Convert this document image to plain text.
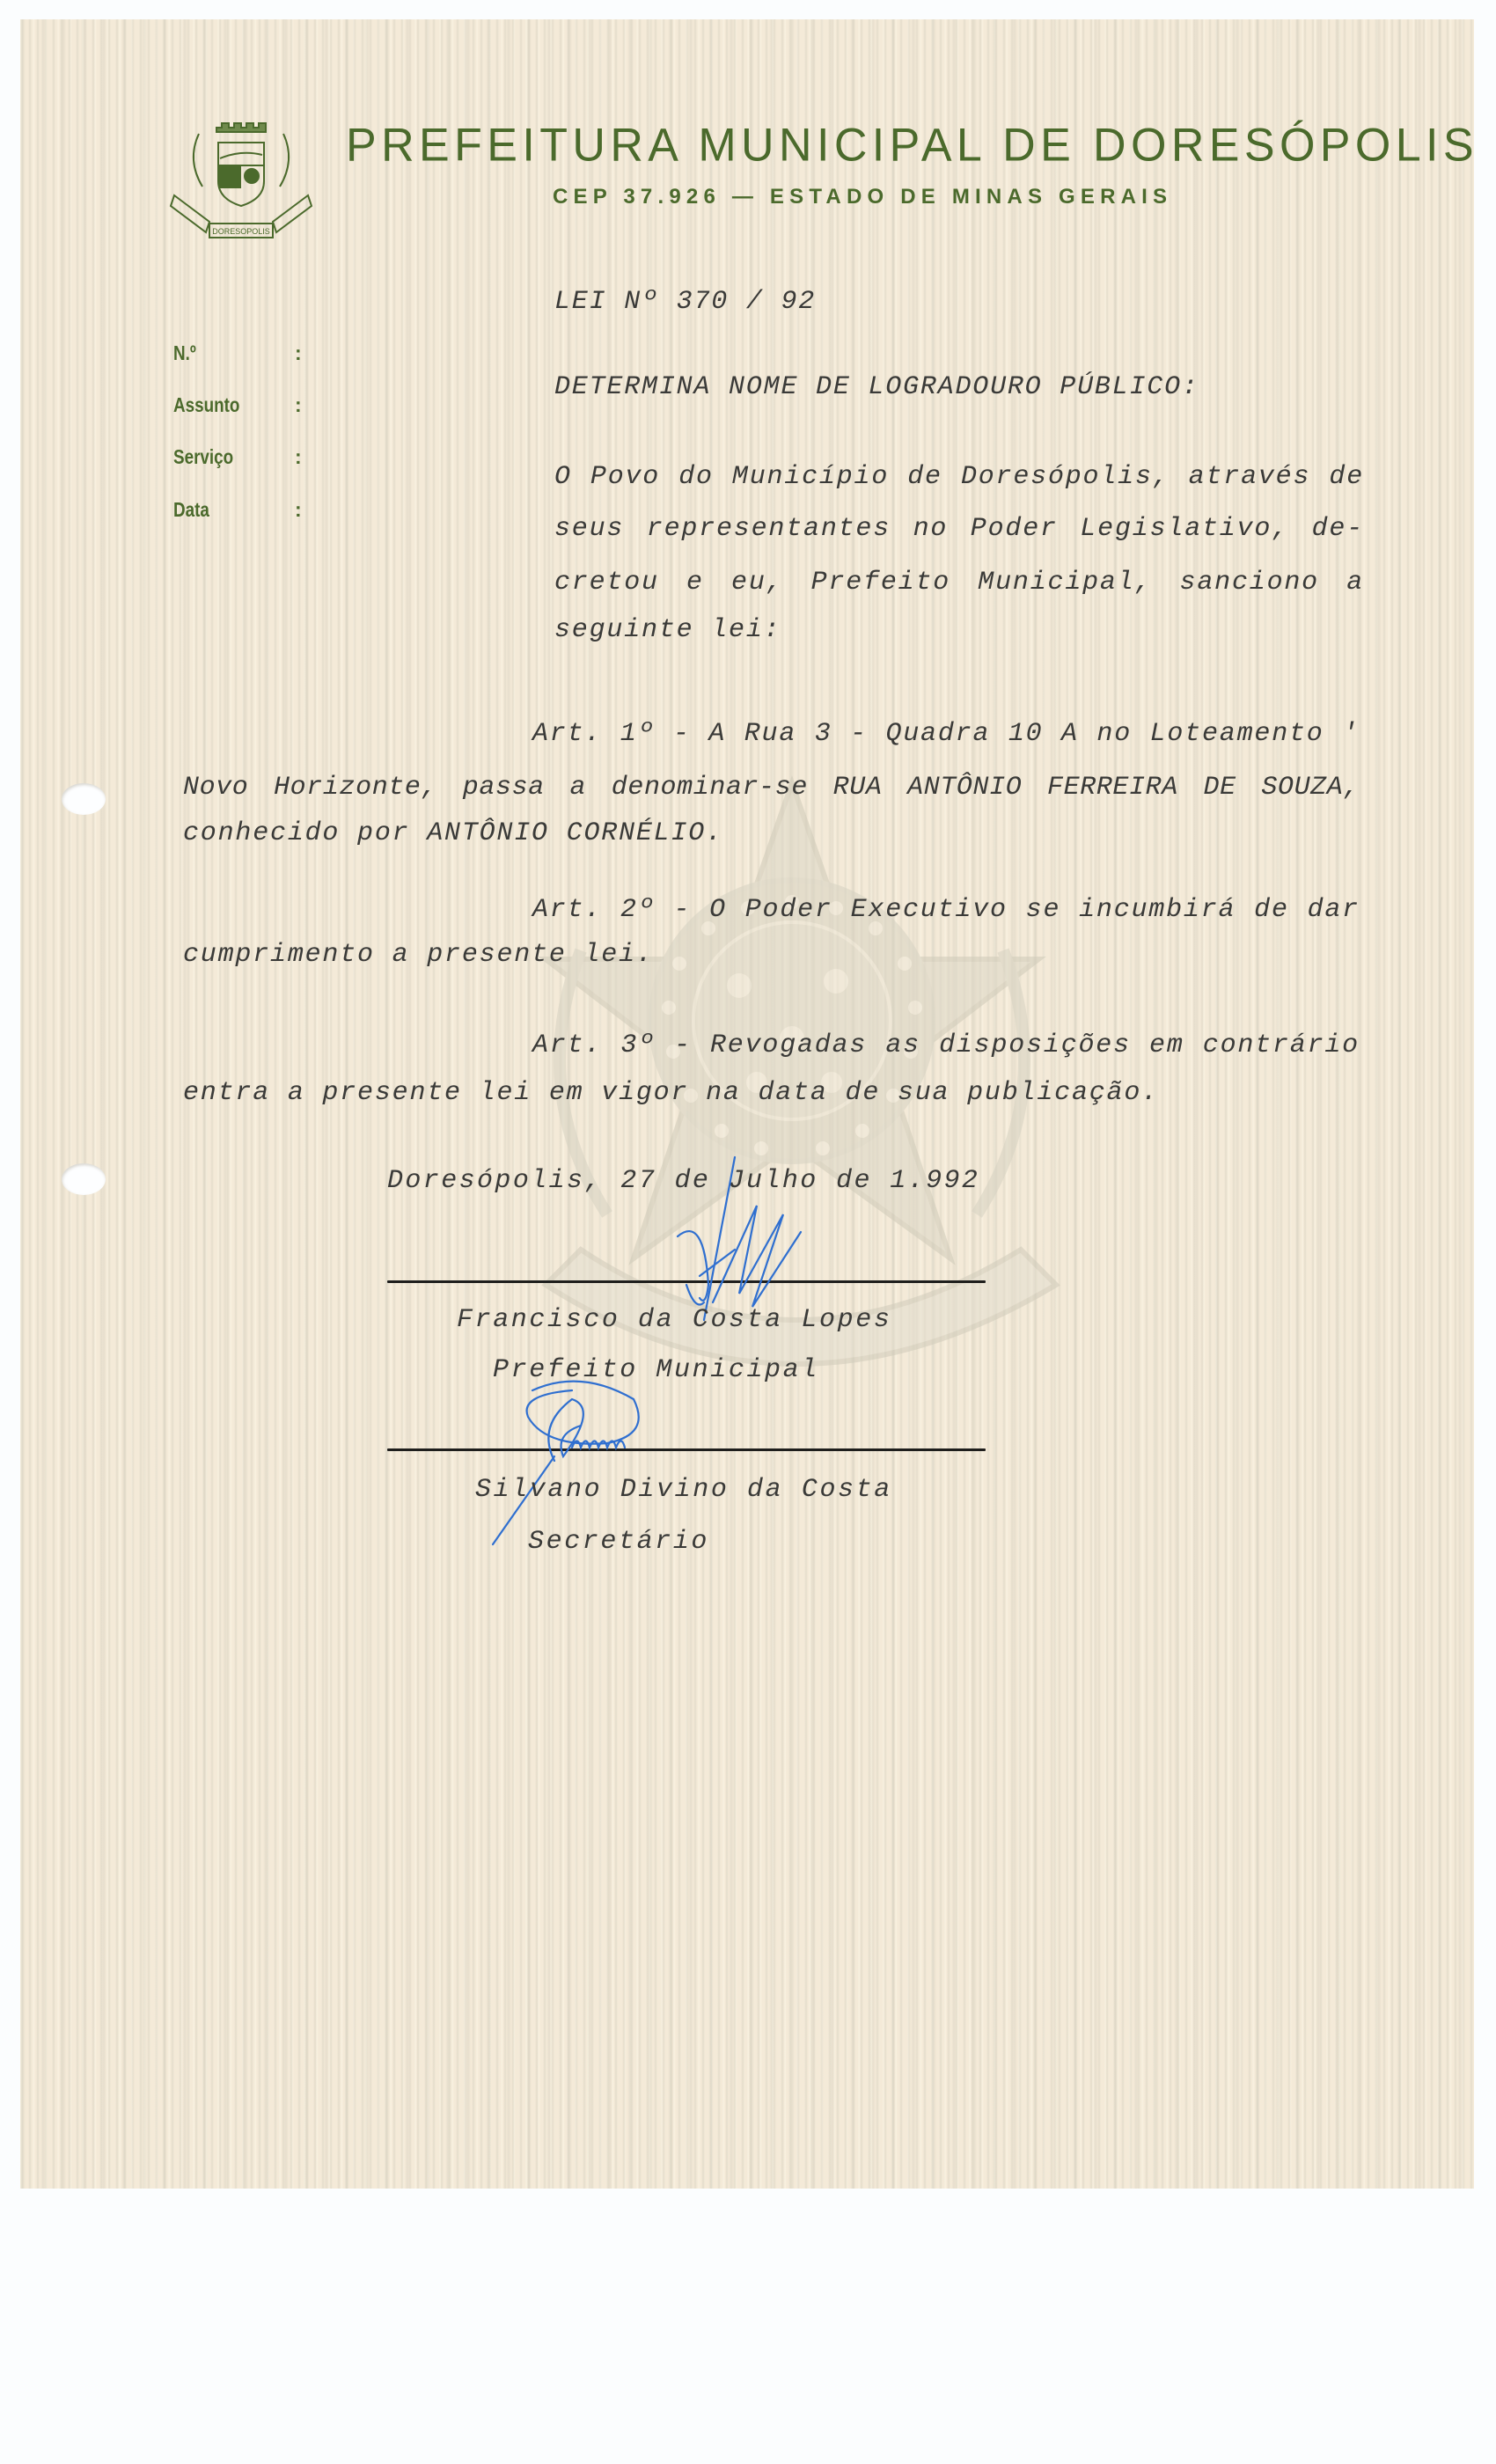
DORESOPOLIS
PREFEITURA MUNICIPAL DE DORESÓPOLIS
CEP 37.926 — ESTADO DE MINAS GERAIS
N.º	:
Assunto	:
Serviço	:
Data	:
LEI Nº 370 / 92
DETERMINA NOME DE LOGRADOURO PÚBLICO:
O Povo do Município de Doresópolis, através de
seus representantes no Poder Legislativo, de-
cretou e eu, Prefeito Municipal, sanciono a
seguinte lei:
Art. 1º - A Rua 3 - Quadra 10 A no Loteamento '
Novo Horizonte, passa a denominar-se RUA ANTÔNIO FERREIRA DE SOUZA,
conhecido por ANTÔNIO CORNÉLIO.
Art. 2º - O Poder Executivo se incumbirá de dar
cumprimento a presente lei.
Art. 3º - Revogadas as disposições em contrário
entra a presente lei em vigor na data de sua publicação.
Doresópolis, 27 de Julho de 1.992
Francisco da Costa Lopes
Prefeito Municipal
Silvano Divino da Costa
Secretário
